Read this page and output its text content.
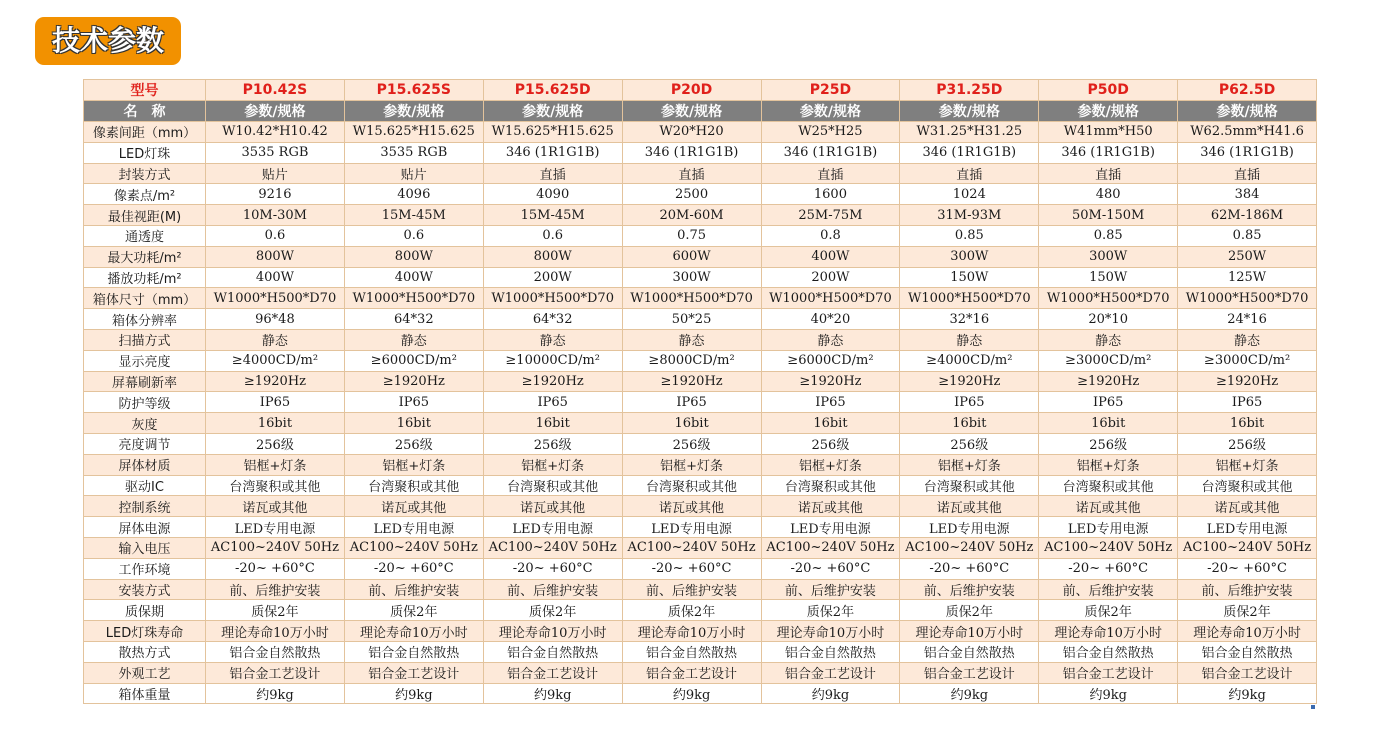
技术参数
型号	P10.42S	P15.625S	P15.625D	P20D	P25D	P31.25D	P50D	P62.5D
名　称	参数/规格	参数/规格	参数/规格	参数/规格	参数/规格	参数/规格	参数/规格	参数/规格
像素间距（mm）	W10.42*H10.42	W15.625*H15.625	W15.625*H15.625	W20*H20	W25*H25	W31.25*H31.25	W41mm*H50	W62.5mm*H41.6
LED灯珠	3535 RGB	3535 RGB	346 (1R1G1B)	346 (1R1G1B)	346 (1R1G1B)	346 (1R1G1B)	346 (1R1G1B)	346 (1R1G1B)
封装方式	贴片	贴片	直插	直插	直插	直插	直插	直插
像素点/m²	9216	4096	4090	2500	1600	1024	480	384
最佳视距(M)	10M-30M	15M-45M	15M-45M	20M-60M	25M-75M	31M-93M	50M-150M	62M-186M
通透度	0.6	0.6	0.6	0.75	0.8	0.85	0.85	0.85
最大功耗/m²	800W	800W	800W	600W	400W	300W	300W	250W
播放功耗/m²	400W	400W	200W	300W	200W	150W	150W	125W
箱体尺寸（mm）	W1000*H500*D70	W1000*H500*D70	W1000*H500*D70	W1000*H500*D70	W1000*H500*D70	W1000*H500*D70	W1000*H500*D70	W1000*H500*D70
箱体分辨率	96*48	64*32	64*32	50*25	40*20	32*16	20*10	24*16
扫描方式	静态	静态	静态	静态	静态	静态	静态	静态
显示亮度	≥4000CD/m²	≥6000CD/m²	≥10000CD/m²	≥8000CD/m²	≥6000CD/m²	≥4000CD/m²	≥3000CD/m²	≥3000CD/m²
屏幕刷新率	≥1920Hz	≥1920Hz	≥1920Hz	≥1920Hz	≥1920Hz	≥1920Hz	≥1920Hz	≥1920Hz
防护等级	IP65	IP65	IP65	IP65	IP65	IP65	IP65	IP65
灰度	16bit	16bit	16bit	16bit	16bit	16bit	16bit	16bit
亮度调节	256级	256级	256级	256级	256级	256级	256级	256级
屏体材质	铝框+灯条	铝框+灯条	铝框+灯条	铝框+灯条	铝框+灯条	铝框+灯条	铝框+灯条	铝框+灯条
驱动IC	台湾聚积或其他	台湾聚积或其他	台湾聚积或其他	台湾聚积或其他	台湾聚积或其他	台湾聚积或其他	台湾聚积或其他	台湾聚积或其他
控制系统	诺瓦或其他	诺瓦或其他	诺瓦或其他	诺瓦或其他	诺瓦或其他	诺瓦或其他	诺瓦或其他	诺瓦或其他
屏体电源	LED专用电源	LED专用电源	LED专用电源	LED专用电源	LED专用电源	LED专用电源	LED专用电源	LED专用电源
输入电压	AC100~240V 50Hz	AC100~240V 50Hz	AC100~240V 50Hz	AC100~240V 50Hz	AC100~240V 50Hz	AC100~240V 50Hz	AC100~240V 50Hz	AC100~240V 50Hz
工作环境	-20~ +60°C	-20~ +60°C	-20~ +60°C	-20~ +60°C	-20~ +60°C	-20~ +60°C	-20~ +60°C	-20~ +60°C
安装方式	前、后维护安装	前、后维护安装	前、后维护安装	前、后维护安装	前、后维护安装	前、后维护安装	前、后维护安装	前、后维护安装
质保期	质保2年	质保2年	质保2年	质保2年	质保2年	质保2年	质保2年	质保2年
LED灯珠寿命	理论寿命10万小时	理论寿命10万小时	理论寿命10万小时	理论寿命10万小时	理论寿命10万小时	理论寿命10万小时	理论寿命10万小时	理论寿命10万小时
散热方式	铝合金自然散热	铝合金自然散热	铝合金自然散热	铝合金自然散热	铝合金自然散热	铝合金自然散热	铝合金自然散热	铝合金自然散热
外观工艺	铝合金工艺设计	铝合金工艺设计	铝合金工艺设计	铝合金工艺设计	铝合金工艺设计	铝合金工艺设计	铝合金工艺设计	铝合金工艺设计
箱体重量	约9kg	约9kg	约9kg	约9kg	约9kg	约9kg	约9kg	约9kg
